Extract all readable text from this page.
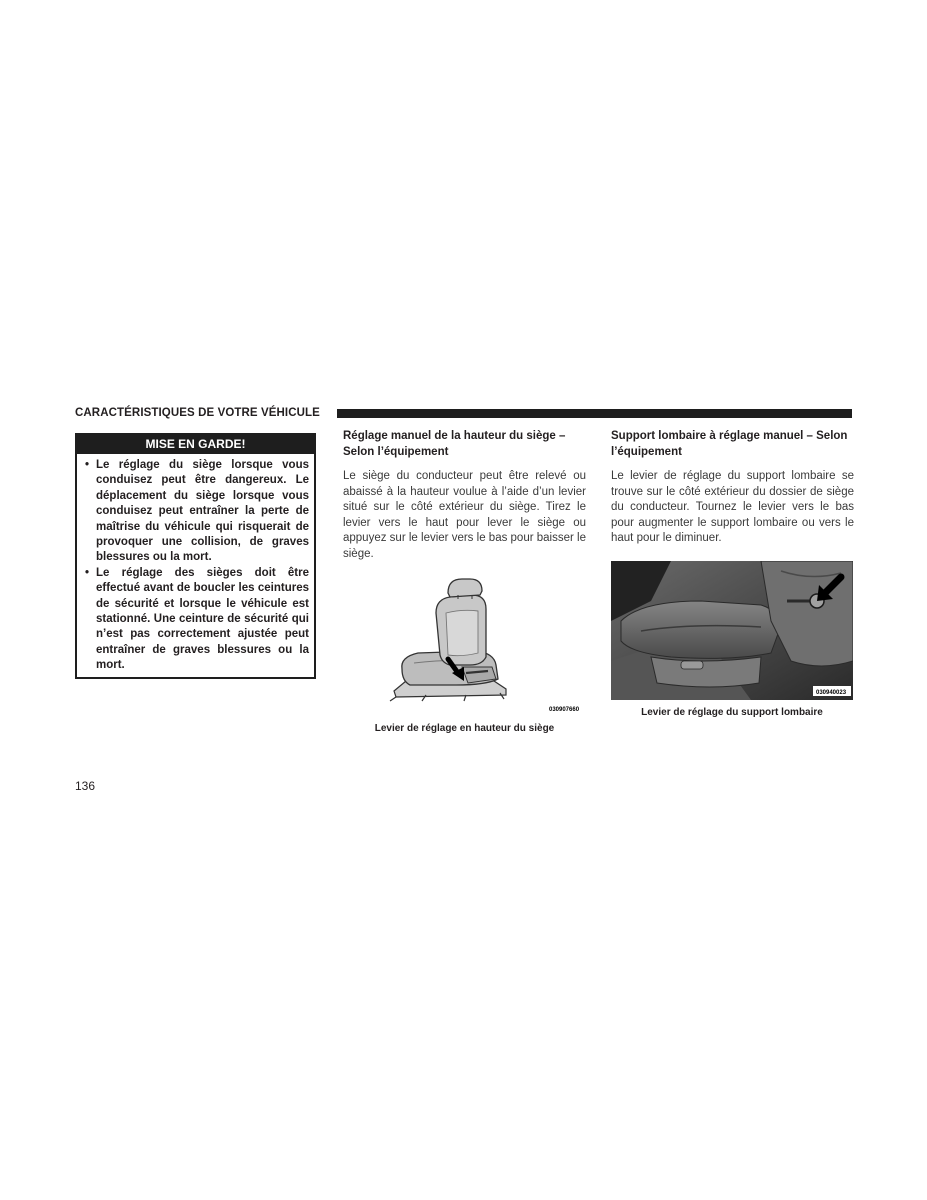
CARACTÉRISTIQUES DE VOTRE VÉHICULE
MISE EN GARDE!
• Le réglage du siège lorsque vous conduisez peut être dangereux. Le déplacement du siège lorsque vous conduisez peut entraîner la perte de maîtrise du véhicule qui risquerait de provoquer une collision, de graves blessures ou la mort.
• Le réglage des sièges doit être effectué avant de boucler les ceintures de sécurité et lorsque le véhicule est stationné. Une ceinture de sécurité qui n’est pas correctement ajustée peut entraîner de graves blessures ou la mort.
Réglage manuel de la hauteur du siège – Selon l’équipement

Le siège du conducteur peut être relevé ou abaissé à la hauteur voulue à l’aide d’un levier situé sur le côté extérieur du siège. Tirez le levier vers le haut pour lever le siège ou appuyez sur le levier vers le bas pour baisser le siège.

030907660
Levier de réglage en hauteur du siège
Support lombaire à réglage manuel – Selon l’équipement

Le levier de réglage du support lombaire se trouve sur le côté extérieur du dossier de siège du conducteur. Tournez le levier vers le bas pour augmenter le support lombaire ou vers le haut pour le diminuer.

030940023
Levier de réglage du support lombaire
136
